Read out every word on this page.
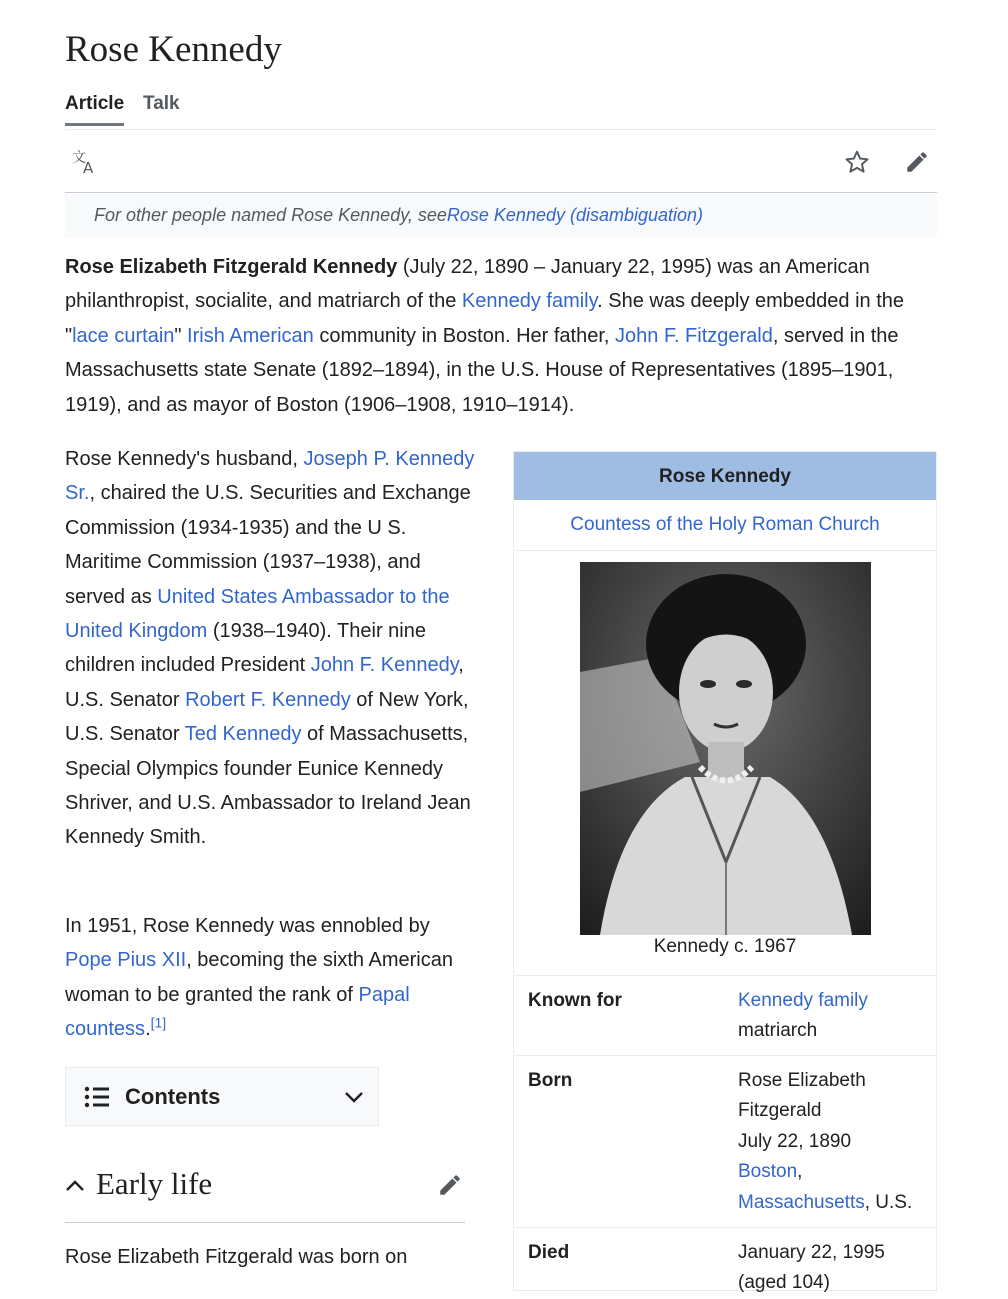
Rose Kennedy
Article Talk
文
A
For other people named Rose Kennedy, seeRose Kennedy (disambiguation)

Rose Elizabeth Fitzgerald Kennedy (July 22, 1890 – January 22, 1995) was an American philanthropist, socialite, and matriarch of the Kennedy family. She was deeply embedded in the "lace curtain" Irish American community in Boston. Her father, John F. Fitzgerald, served in the Massachusetts state Senate (1892–1894), in the U.S. House of Representatives (1895–1901, 1919), and as mayor of Boston (1906–1908, 1910–1914).

Rose Kennedy's husband, Joseph P. Kennedy Sr., chaired the U.S. Securities and Exchange Commission (1934-1935) and the U S. Maritime Commission (1937–1938), and served as United States Ambassador to the United Kingdom (1938–1940). Their nine children included President John F. Kennedy, U.S. Senator Robert F. Kennedy of New York, U.S. Senator Ted Kennedy of Massachusetts, Special Olympics founder Eunice Kennedy Shriver, and U.S. Ambassador to Ireland Jean Kennedy Smith.

In 1951, Rose Kennedy was ennobled by Pope Pius XII, becoming the sixth American woman to be granted the rank of Papal countess.[1]

Contents
Early life

Rose Elizabeth Fitzgerald was born on

Rose Kennedy
Countess of the Holy Roman Church
Kennedy c. 1967
Known for	Kennedy family
matriarch
Born	Rose Elizabeth Fitzgerald
July 22, 1890
Boston,
Massachusetts, U.S.
Died	January 22, 1995
(aged 104)
